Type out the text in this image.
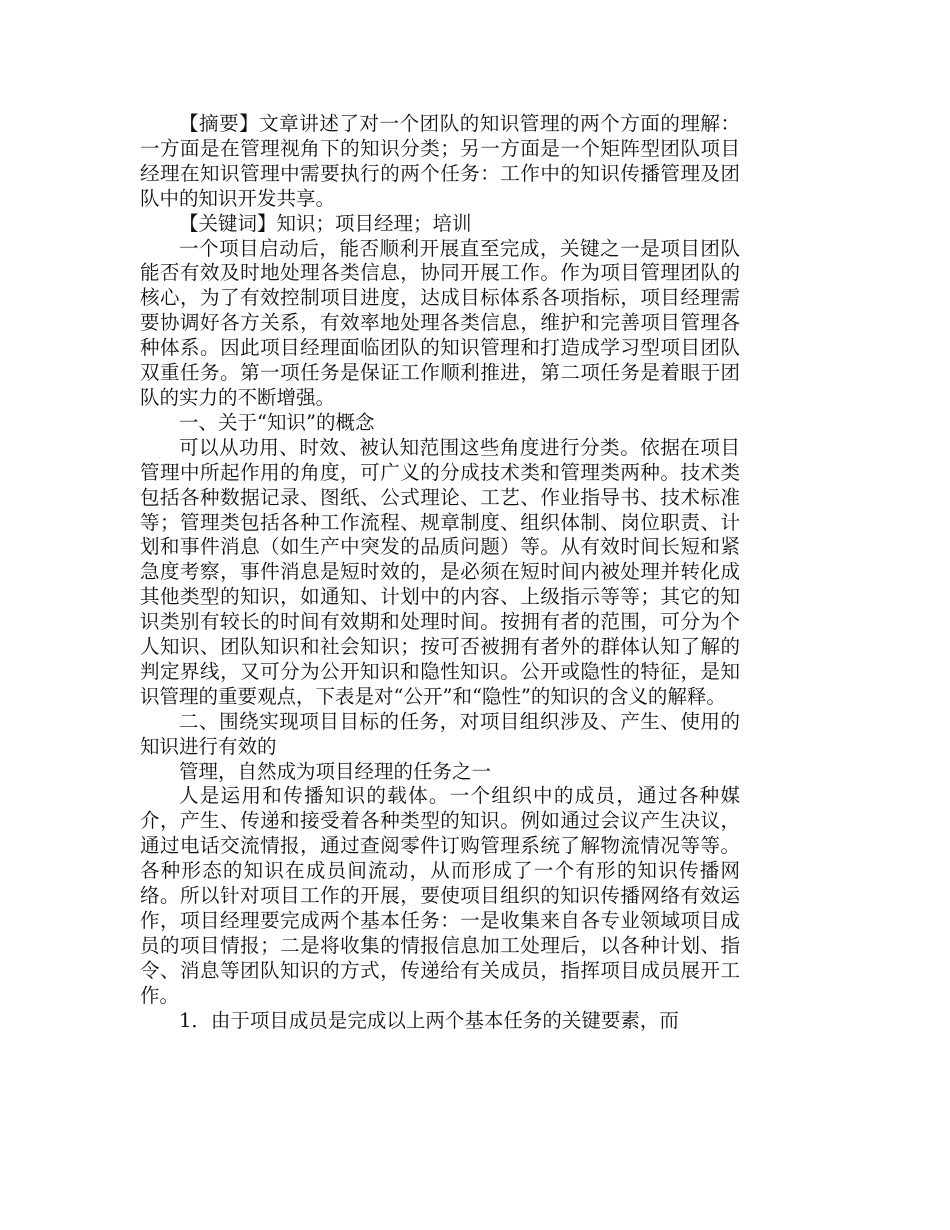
【摘要】文章讲述了对一个团队的知识管理的两个方面的理解：一方面是在管理视角下的知识分类；另一方面是一个矩阵型团队项目经理在知识管理中需要执行的两个任务：工作中的知识传播管理及团队中的知识开发共享。

【关键词】知识；项目经理；培训

一个项目启动后，能否顺利开展直至完成，关键之一是项目团队能否有效及时地处理各类信息，协同开展工作。作为项目管理团队的核心，为了有效控制项目进度，达成目标体系各项指标，项目经理需要协调好各方关系，有效率地处理各类信息，维护和完善项目管理各种体系。因此项目经理面临团队的知识管理和打造成学习型项目团队双重任务。第一项任务是保证工作顺利推进，第二项任务是着眼于团队的实力的不断增强。

一、关于“知识”的概念

可以从功用、时效、被认知范围这些角度进行分类。依据在项目管理中所起作用的角度，可广义的分成技术类和管理类两种。技术类包括各种数据记录、图纸、公式理论、工艺、作业指导书、技术标准等；管理类包括各种工作流程、规章制度、组织体制、岗位职责、计划和事件消息（如生产中突发的品质问题）等。从有效时间长短和紧急度考察，事件消息是短时效的，是必须在短时间内被处理并转化成其他类型的知识，如通知、计划中的内容、上级指示等等；其它的知识类别有较长的时间有效期和处理时间。按拥有者的范围，可分为个人知识、团队知识和社会知识；按可否被拥有者外的群体认知了解的判定界线，又可分为公开知识和隐性知识。公开或隐性的特征，是知识管理的重要观点，下表是对“公开”和“隐性”的知识的含义的解释。

二、围绕实现项目目标的任务，对项目组织涉及、产生、使用的知识进行有效的

管理，自然成为项目经理的任务之一

人是运用和传播知识的载体。一个组织中的成员，通过各种媒介，产生、传递和接受着各种类型的知识。例如通过会议产生决议，通过电话交流情报，通过查阅零件订购管理系统了解物流情况等等。各种形态的知识在成员间流动，从而形成了一个有形的知识传播网络。所以针对项目工作的开展，要使项目组织的知识传播网络有效运作，项目经理要完成两个基本任务：一是收集来自各专业领域项目成员的项目情报；二是将收集的情报信息加工处理后，以各种计划、指令、消息等团队知识的方式，传递给有关成员，指挥项目成员展开工作。

1．由于项目成员是完成以上两个基本任务的关键要素，而
